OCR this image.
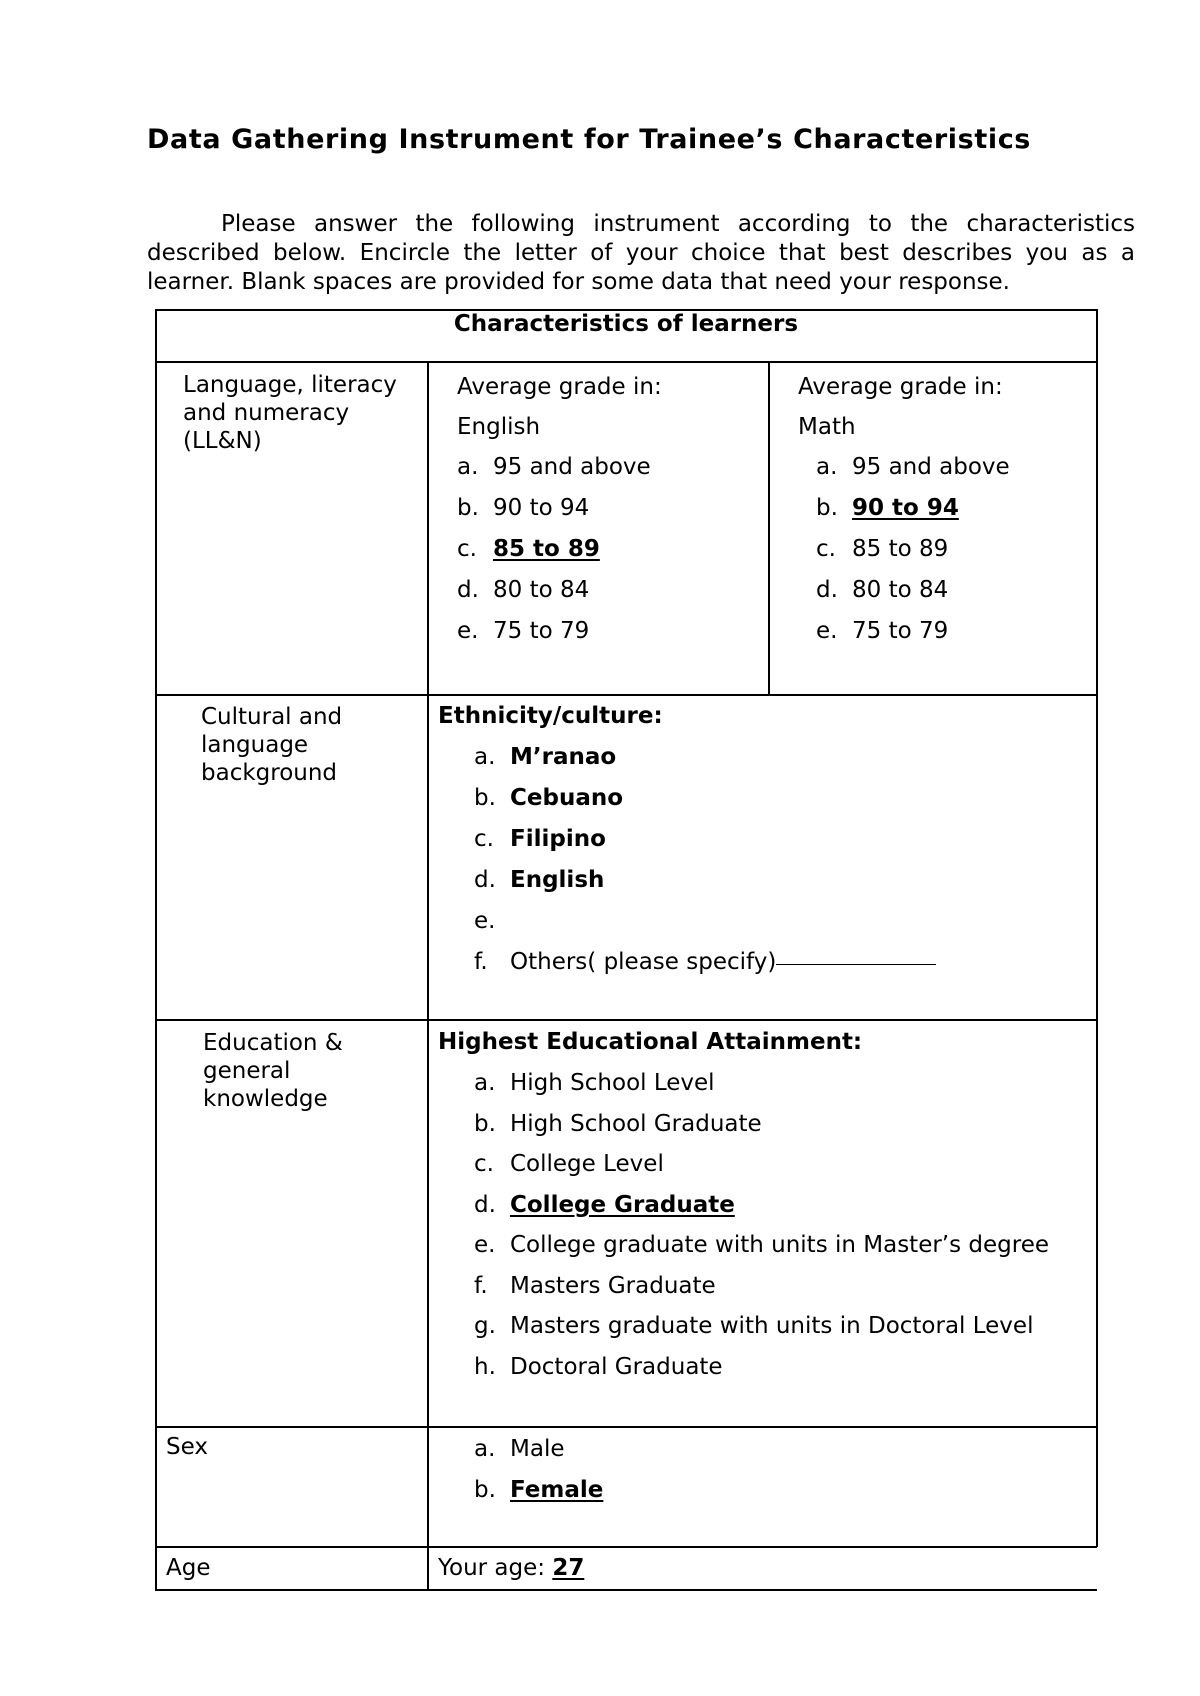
Data Gathering Instrument for Trainee’s Characteristics

Please answer the following instrument according to the characteristics described below. Encircle the letter of your choice that best describes you as a learner. Blank spaces are provided for some data that need your response.

Characteristics of learners
Language, literacy and numeracy (LL&N)
Average grade in:
English
a. 95 and above
b. 90 to 94
c. 85 to 89
d. 80 to 84
e. 75 to 79
Average grade in:
Math
a. 95 and above
b. 90 to 94
c. 85 to 89
d. 80 to 84
e. 75 to 79
Cultural and language background
Ethnicity/culture:
a. M’ranao
b. Cebuano
c. Filipino
d. English
e.
f. Others( please specify)
Education & general knowledge
Highest Educational Attainment:
a. High School Level
b. High School Graduate
c. College Level
d. College Graduate
e. College graduate with units in Master’s degree
f. Masters Graduate
g. Masters graduate with units in Doctoral Level
h. Doctoral Graduate
Sex	a. Male
b. Female
Age	Your age: 27
